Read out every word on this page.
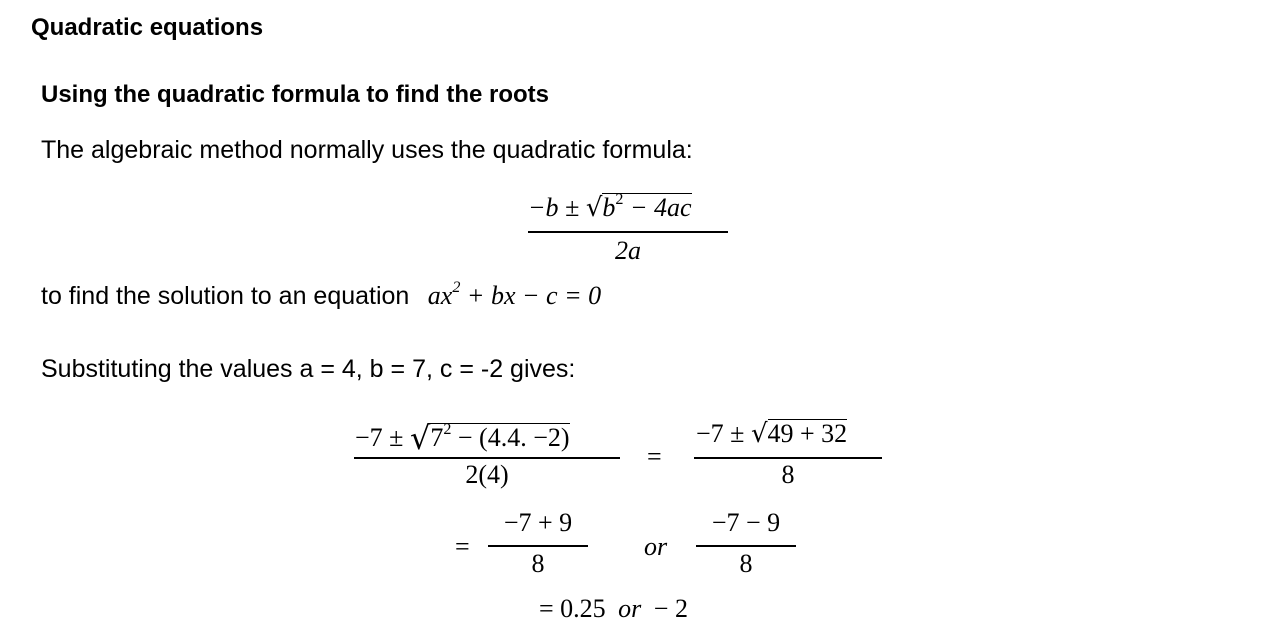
Quadratic equations
Using the quadratic formula to find the roots
The algebraic method normally uses the quadratic formula:
$-b \pm √b^2 - 4ac$
2a
to find the solution to an equation $ax^2$ + bx − c = 0
Substituting the values a = 4, b = 7, c = -2 gives:
$-7 \pm √7^2 - (4.4$. −2)
2(4)
=
−7 ± √49 + 32
8
=
−7 + 9
8
or
−7 − 9
8
= 0.25 or − 2
